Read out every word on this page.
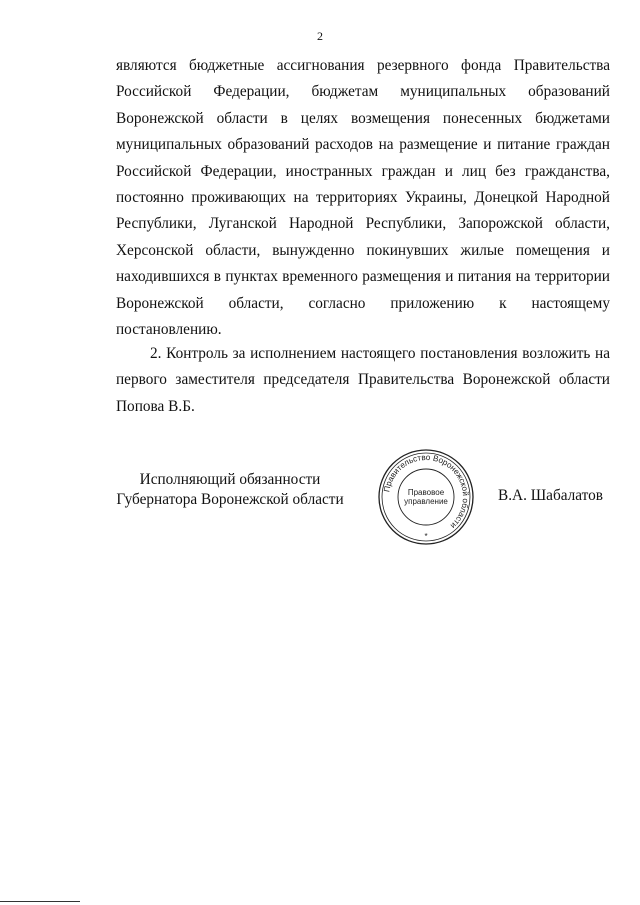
2
являются бюджетные ассигнования резервного фонда Правительства
Российской Федерации, бюджетам муниципальных образований
Воронежской области в целях возмещения понесенных бюджетами
муниципальных образований расходов на размещение и питание граждан
Российской Федерации, иностранных граждан и лиц без гражданства,
постоянно проживающих на территориях Украины, Донецкой Народной
Республики, Луганской Народной Республики, Запорожской области,
Херсонской области, вынужденно покинувших жилые помещения и
находившихся в пунктах временного размещения и питания на территории
Воронежской области, согласно приложению к настоящему
постановлению.
2. Контроль за исполнением настоящего постановления возложить на
первого заместителя председателя Правительства Воронежской области
Попова В.Б.
Исполняющий обязанности
Губернатора Воронежской области
Правительство Воронежской области
Правовое
управление
*
В.А. Шабалатов
